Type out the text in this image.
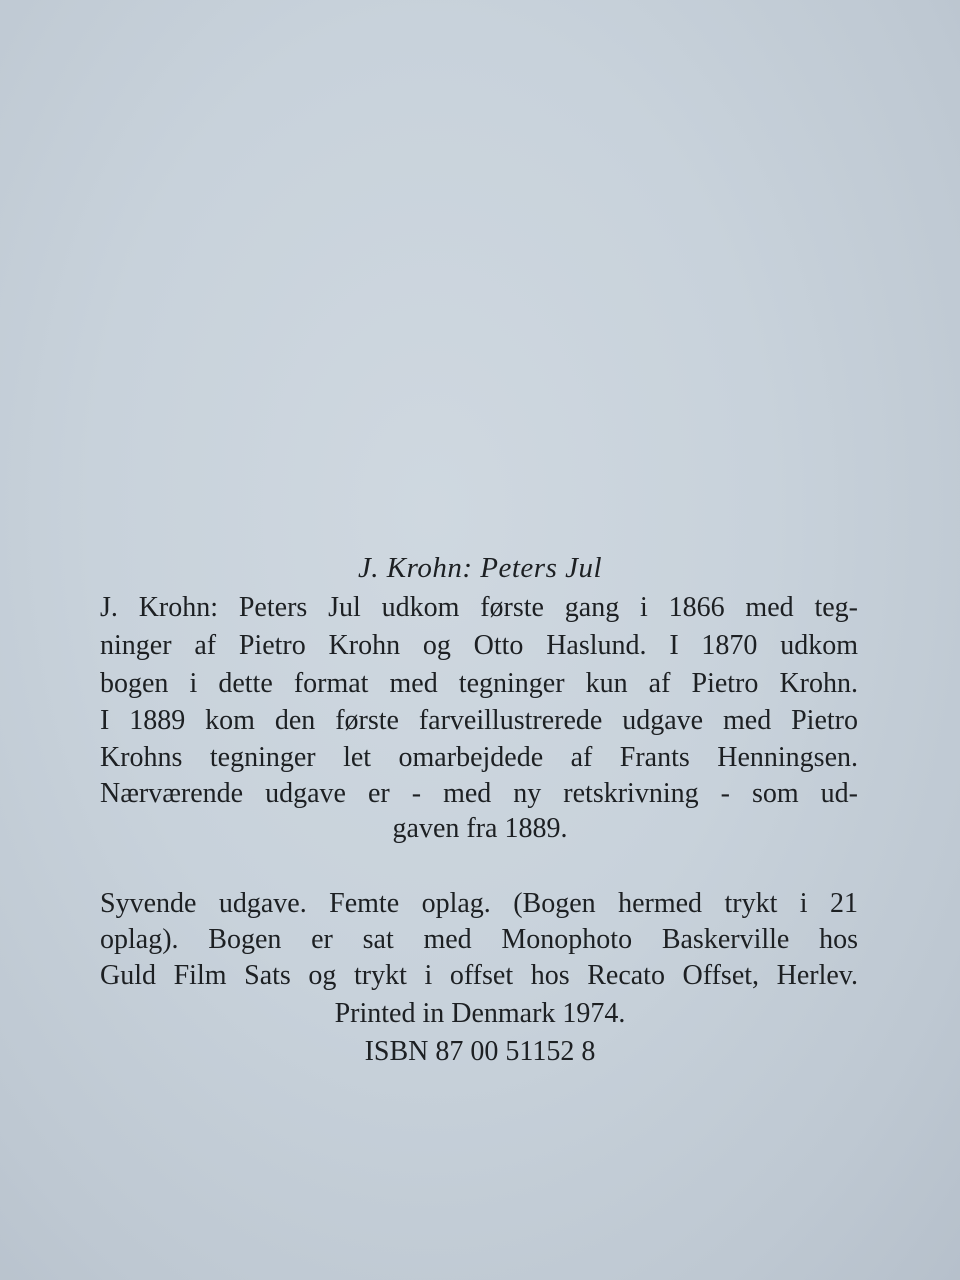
J. Krohn: Peters Jul
J. Krohn: Peters Jul udkom første gang i 1866 med teg-
ninger af Pietro Krohn og Otto Haslund. I 1870 udkom
bogen i dette format med tegninger kun af Pietro Krohn.
I 1889 kom den første farveillustrerede udgave med Pietro
Krohns tegninger let omarbejdede af Frants Henningsen.
Nærværende udgave er - med ny retskrivning - som ud-
gaven fra 1889.
Syvende udgave. Femte oplag. (Bogen hermed trykt i 21
oplag). Bogen er sat med Monophoto Baskerville hos
Guld Film Sats og trykt i offset hos Recato Offset, Herlev.
Printed in Denmark 1974.
ISBN 87 00 51152 8
